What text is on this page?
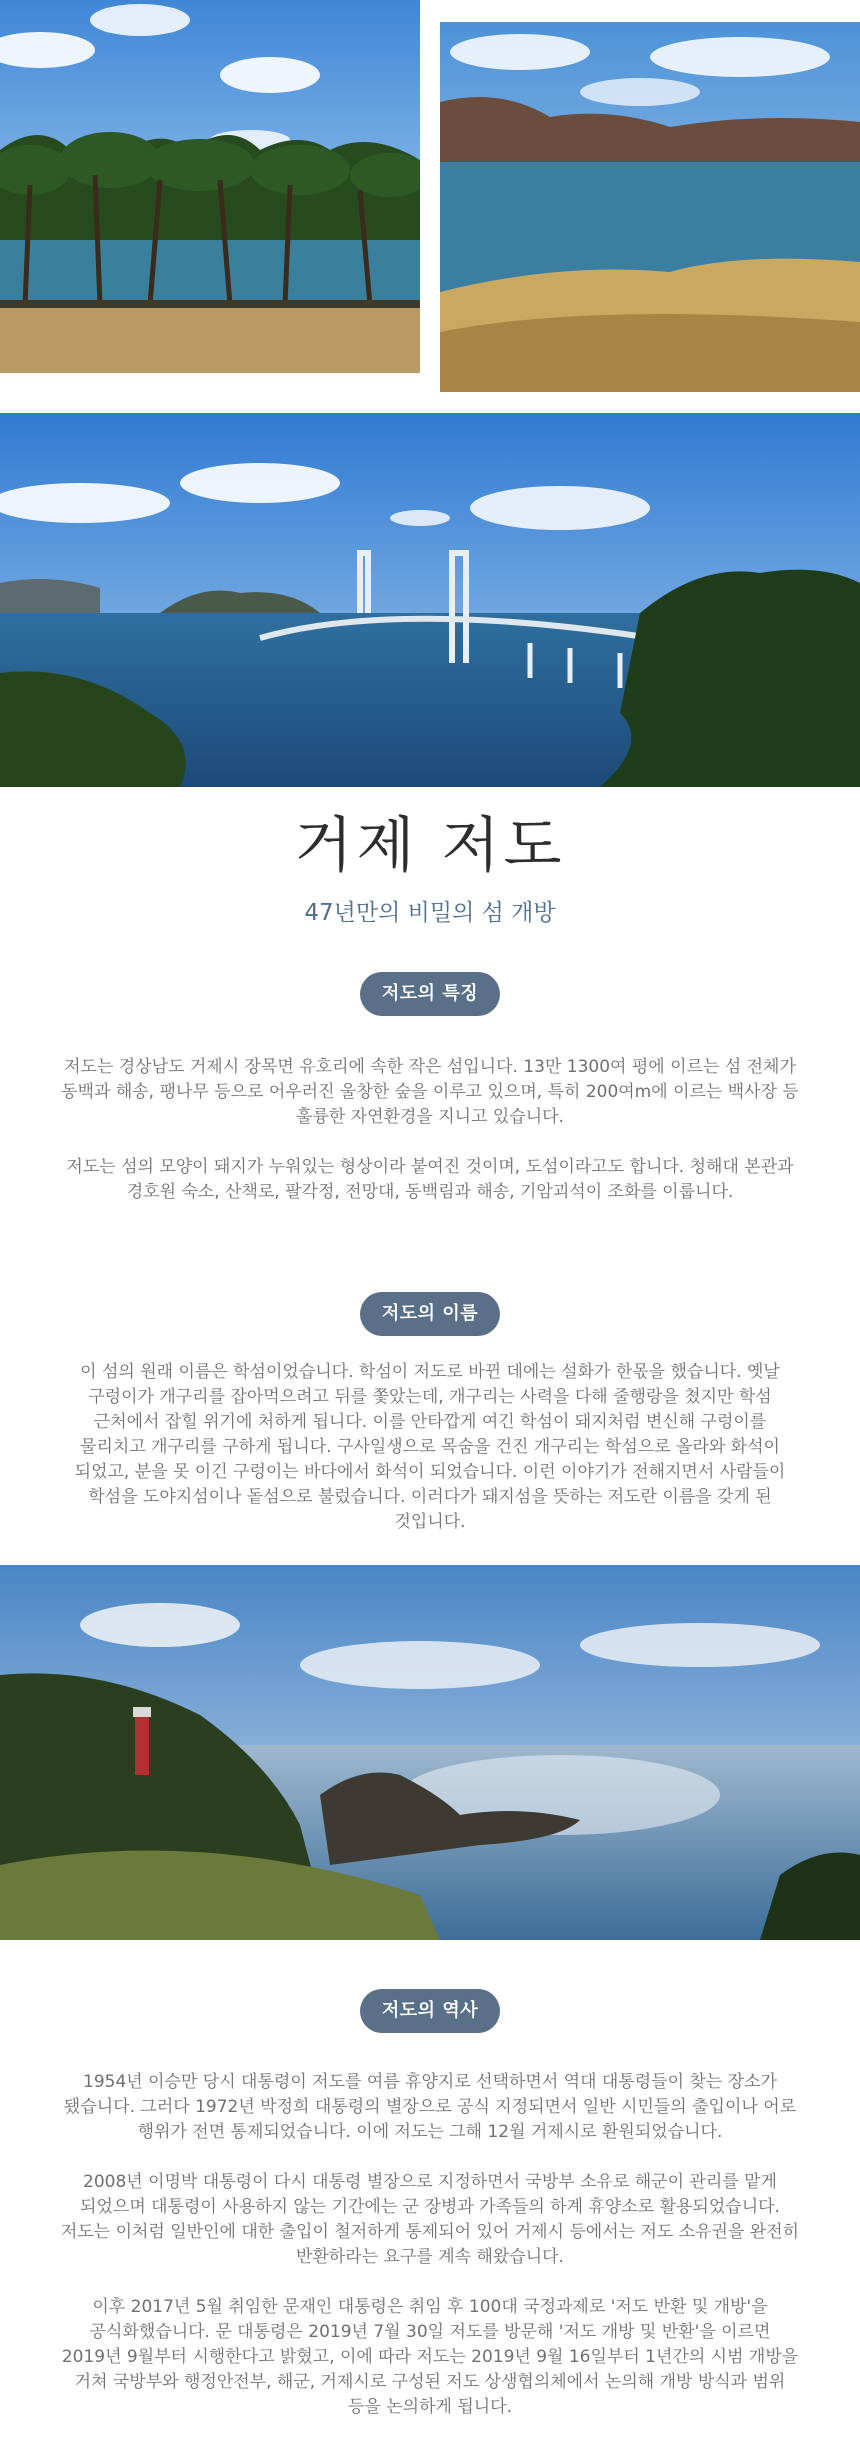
거제 저도

47년만의 비밀의 섬 개방

저도의 특징

저도는 경상남도 거제시 장목면 유호리에 속한 작은 섬입니다. 13만 1300여 평에 이르는 섬 전체가 동백과 해송, 팽나무 등으로 어우러진 울창한 숲을 이루고 있으며, 특히 200여m에 이르는 백사장 등 훌륭한 자연환경을 지니고 있습니다.

저도는 섬의 모양이 돼지가 누워있는 형상이라 붙여진 것이며, 도섬이라고도 합니다. 청해대 본관과 경호원 숙소, 산책로, 팔각정, 전망대, 동백림과 해송, 기암괴석이 조화를 이룹니다.

저도의 이름

이 섬의 원래 이름은 학섬이었습니다. 학섬이 저도로 바뀐 데에는 설화가 한몫을 했습니다. 옛날 구렁이가 개구리를 잡아먹으려고 뒤를 쫓았는데, 개구리는 사력을 다해 줄행랑을 쳤지만 학섬 근처에서 잡힐 위기에 처하게 됩니다. 이를 안타깝게 여긴 학섬이 돼지처럼 변신해 구렁이를 물리치고 개구리를 구하게 됩니다. 구사일생으로 목숨을 건진 개구리는 학섬으로 올라와 화석이 되었고, 분을 못 이긴 구렁이는 바다에서 화석이 되었습니다. 이런 이야기가 전해지면서 사람들이 학섬을 도야지섬이나 돝섬으로 불렀습니다. 이러다가 돼지섬을 뜻하는 저도란 이름을 갖게 된 것입니다.

저도의 역사

1954년 이승만 당시 대통령이 저도를 여름 휴양지로 선택하면서 역대 대통령들이 찾는 장소가 됐습니다. 그러다 1972년 박정희 대통령의 별장으로 공식 지정되면서 일반 시민들의 출입이나 어로 행위가 전면 통제되었습니다. 이에 저도는 그해 12월 거제시로 환원되었습니다.

2008년 이명박 대통령이 다시 대통령 별장으로 지정하면서 국방부 소유로 해군이 관리를 맡게 되었으며 대통령이 사용하지 않는 기간에는 군 장병과 가족들의 하계 휴양소로 활용되었습니다. 저도는 이처럼 일반인에 대한 출입이 철저하게 통제되어 있어 거제시 등에서는 저도 소유권을 완전히 반환하라는 요구를 계속 해왔습니다.

이후 2017년 5월 취임한 문재인 대통령은 취임 후 100대 국정과제로 '저도 반환 및 개방'을 공식화했습니다. 문 대통령은 2019년 7월 30일 저도를 방문해 '저도 개방 및 반환'을 이르면 2019년 9월부터 시행한다고 밝혔고, 이에 따라 저도는 2019년 9월 16일부터 1년간의 시범 개방을 거쳐 국방부와 행정안전부, 해군, 거제시로 구성된 저도 상생협의체에서 논의해 개방 방식과 범위 등을 논의하게 됩니다.
